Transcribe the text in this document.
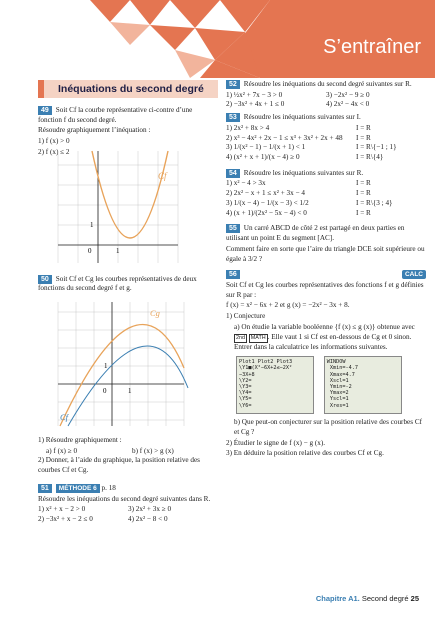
S’entraîner
Inéquations du second degré

49 Soit Cf la courbe représentative ci-contre d’une fonction f du second degré.

Résoudre graphiquement l’inéquation :

1) f (x) > 0

2) f (x) ≤ 2

Cf
0	1
1

50 Soit Cf et Cg les courbes représentatives de deux fonctions du second degré f et g.

Cg
Cf
1
0	1

1) Résoudre graphiquement :

a) f (x) ≥ 0	b) f (x) > g (x)

2) Donner, à l’aide du graphique, la position relative des courbes Cf et Cg.

51 MÉTHODE 6 p. 18

Résoudre les inéquations du second degré suivantes dans R.

1) x² + x − 2 > 0	3) 2x² + 3x ≥ 0
2) −3x² + x − 2 ≤ 0	4) 2x² − 8 < 0

52 Résoudre les inéquations du second degré suivantes sur R.

1) ½x² + 7x − 3 > 0	3) −2x² − 9 ≥ 0
2) −3x² + 4x + 1 ≤ 0	4) 2x² − 4x < 0

53 Résoudre les inéquations suivantes sur I.

1) 2x² + 8x > 4	I = R
2) x³ − 4x² + 2x − 1 ≤ x³ + 3x² + 2x + 48 I = R
3) 1/(x² − 1) − 1/(x + 1) < 1	I = R\{−1 ; 1}
4) (x² + x + 1)/(x − 4) ≥ 0	I = R\{4}

54 Résoudre les inéquations suivantes sur R.

1) x² − 4 > 3x	I = R
2) 2x² − x + 1 ≤ x² + 3x − 4	I = R
3) 1/(x − 4) − 1/(x − 3) < 1/2	I = R\{3 ; 4}
4) (x + 1)/(2x² − 5x − 4) < 0	I = R

55 Un carré ABCD de côté 2 est partagé en deux parties en utilisant un point E du segment [AC].

Comment faire en sorte que l’aire du triangle DCE soit supérieure ou égale à 3/2 ?

56	CALC

Soit Cf et Cg les courbes représentatives des fonctions f et g définies sur R par :

f (x) = x² − 6x + 2 et g (x) = −2x² − 3x + 8.

1) Conjecture

a) On étudie la variable booléenne {f (x) ≤ g (x)} obtenue avec 2nd MATH . Elle vaut 1 si Cf est en-dessous de Cg et 0 sinon. Entrer dans la calculatrice les informations suivantes.

Plot1 Plot2 Plot3
\Y1■(X²−6X+2≤−2X²
−3X+8
\Y2=
\Y3=
\Y4=
\Y5=
\Y6= WINDOW
Xmin=-4.7
Xmax=4.7
Xscl=1
Ymin=-2
Ymax=2
Yscl=1
Xres=1

b) Que peut-on conjecturer sur la position relative des courbes Cf et Cg ?

2) Étudier le signe de f (x) − g (x).

3) En déduire la position relative des courbes Cf et Cg.

Chapitre A1. Second degré 25
